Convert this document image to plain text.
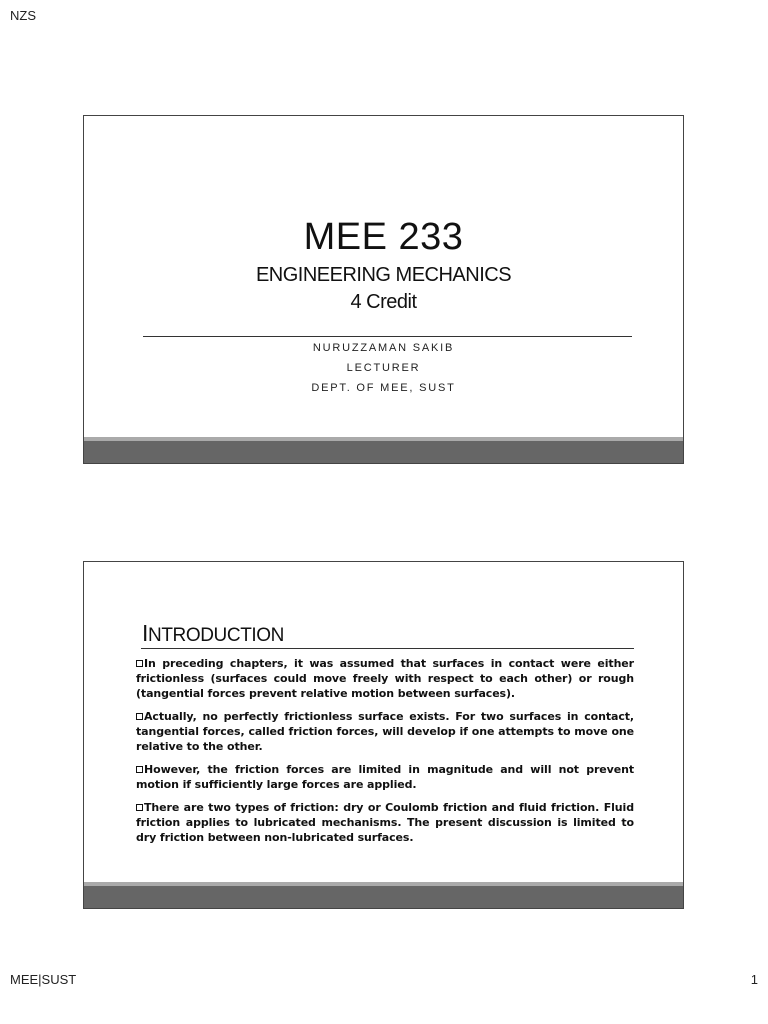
NZS
MEE 233
ENGINEERING MECHANICS
4 Credit
NURUZZAMAN SAKIB
LECTURER
DEPT. OF MEE, SUST
INTRODUCTION
In preceding chapters, it was assumed that surfaces in contact were either frictionless (surfaces could move freely with respect to each other) or rough (tangential forces prevent relative motion between surfaces).
Actually, no perfectly frictionless surface exists. For two surfaces in contact, tangential forces, called friction forces, will develop if one attempts to move one relative to the other.
However, the friction forces are limited in magnitude and will not prevent motion if sufficiently large forces are applied.
There are two types of friction: dry or Coulomb friction and fluid friction. Fluid friction applies to lubricated mechanisms. The present discussion is limited to dry friction between non-lubricated surfaces.
MEE|SUST	1
